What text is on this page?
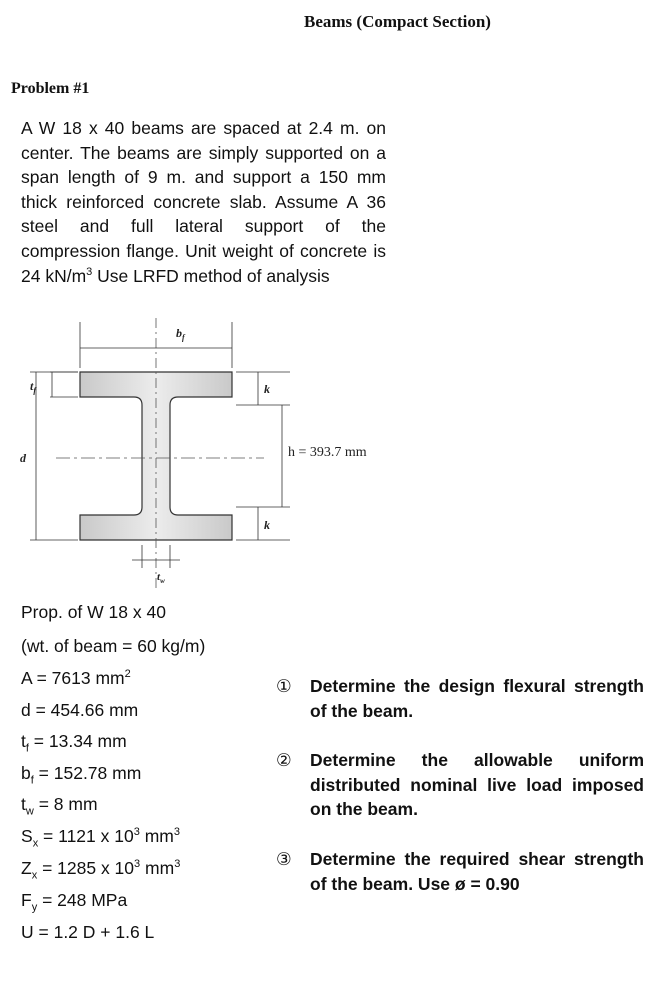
Beams (Compact Section)
Problem #1
A W 18 x 40 beams are spaced at 2.4 m. on center. The beams are simply supported on a span length of 9 m. and support a 150 mm thick reinforced concrete slab. Assume A 36 steel and full lateral support of the compression flange. Unit weight of concrete is 24 $kN/m^3$ Use LRFD method of analysis
$b_f$
$t_f$
d
k
k
h = 393.7 mm
$t_w$
Prop. of W 18 x 40
(wt. of beam = 60 kg/m)
A = 7613 $mm^2$
d = 454.66 mm
$t_f = 13.34$ mm
$b_f = 152.78$ mm
$t_w = 8$ mm
$S_x = 1121$ x $10^3$ $mm^3$
$Z_x = 1285$ x $10^3$ $mm^3$
$F_y = 248$ MPa
U = 1.2 D + 1.6 L
① Determine the design flexural strength of the beam.
② Determine the allowable uniform distributed nominal live load imposed on the beam.
③ Determine the required shear strength of the beam. Use ø = 0.90
